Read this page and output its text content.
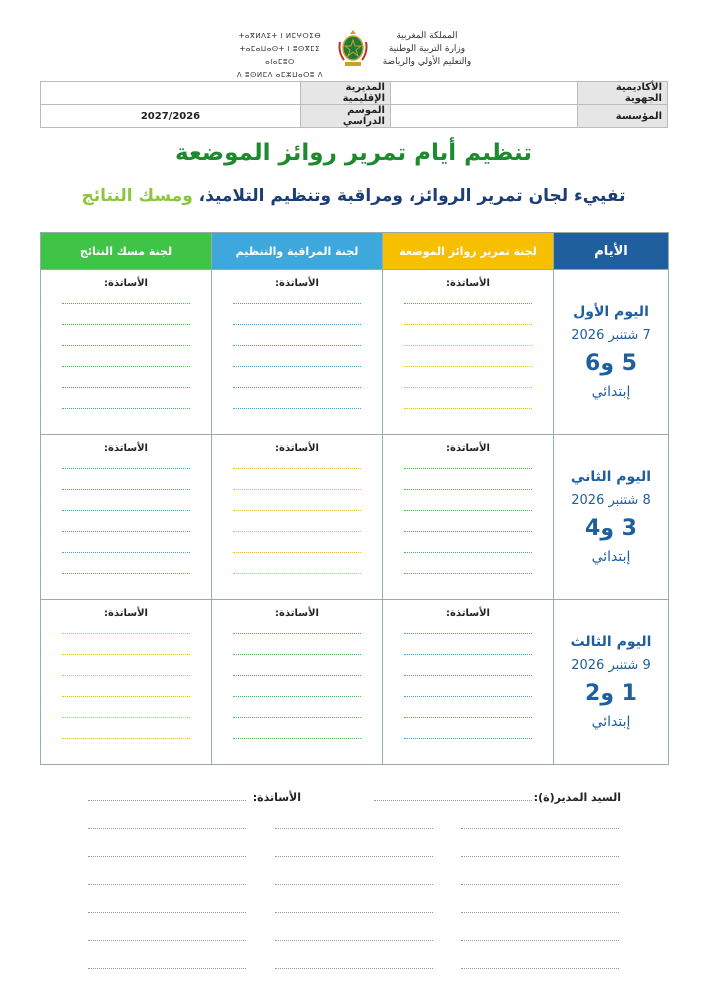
ⵜⴰⴳⵍⴷⵉⵜ ⵏ ⵍⵎⵖⵔⵉⴱ
ⵜⴰⵎⴰⵡⴰⵙⵜ ⵏ ⵓⵙⴳⵎⵉ ⴰⵏⴰⵎⵓⵔ
ⴷ ⵓⵙⵍⵎⴷ ⴰⵎⵣⵡⴰⵔⵓ ⴷ
المملكة المغربية
وزارة التربية الوطنية
والتعليم الأولي والرياضة
الأكاديمية الجهوية		المديرية الإقليمية	
المؤسسة		الموسم الدراسي	2027/2026
تنظيم أيام تمرير روائز الموضعة
تفييء لجان تمرير الروائز، ومراقبة وتنظيم التلاميذ، ومسك النتائج
الأيام	لجنة تمرير روائز الموضعة	لجنة المراقبة والتنظيم	لجنة مسك النتائج

اليوم الأول
7 شتنبر 2026
5 و6
إبتدائي	الأساتذة:	الأساتذة:	الأساتذة:

اليوم الثاني
8 شتنبر 2026
3 و4
إبتدائي	الأساتذة:	الأساتذة:	الأساتذة:

اليوم الثالث
9 شتنبر 2026
1 و2
إبتدائي	الأساتذة:	الأساتذة:	الأساتذة:
السيد المدير(ة):
الأساتذة:
